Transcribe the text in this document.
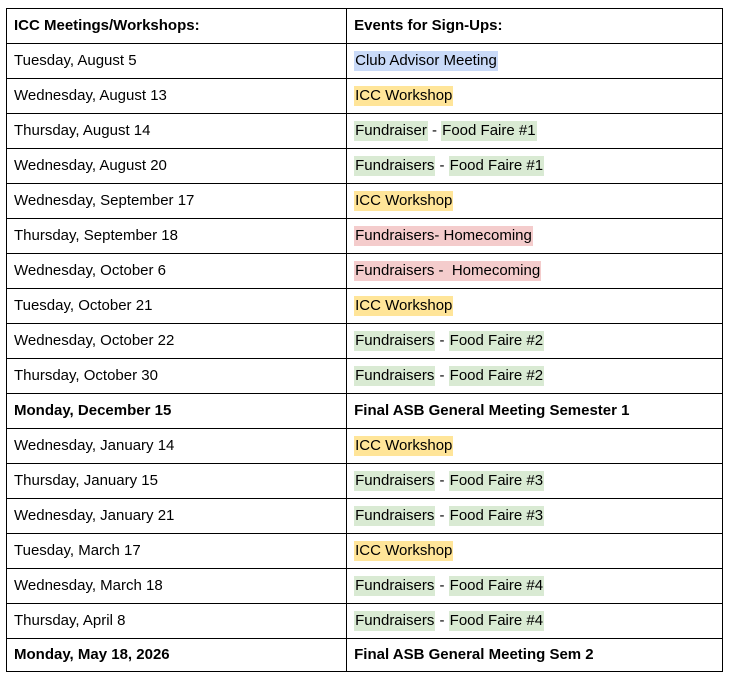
ICC Meetings/Workshops:	Events for Sign-Ups:
Tuesday, August 5	Club Advisor Meeting
Wednesday, August 13	ICC Workshop
Thursday, August 14	Fundraiser - Food Faire #1
Wednesday, August 20	Fundraisers - Food Faire #1
Wednesday, September 17	ICC Workshop
Thursday, September 18	Fundraisers- Homecoming
Wednesday, October 6	Fundraisers -  Homecoming
Tuesday, October 21	ICC Workshop
Wednesday, October 22	Fundraisers - Food Faire #2
Thursday, October 30	Fundraisers - Food Faire #2
Monday, December 15	Final ASB General Meeting Semester 1
Wednesday, January 14	ICC Workshop
Thursday, January 15	Fundraisers - Food Faire #3
Wednesday, January 21	Fundraisers - Food Faire #3
Tuesday, March 17	ICC Workshop
Wednesday, March 18	Fundraisers - Food Faire #4
Thursday, April 8	Fundraisers - Food Faire #4
Monday, May 18, 2026	Final ASB General Meeting Sem 2
